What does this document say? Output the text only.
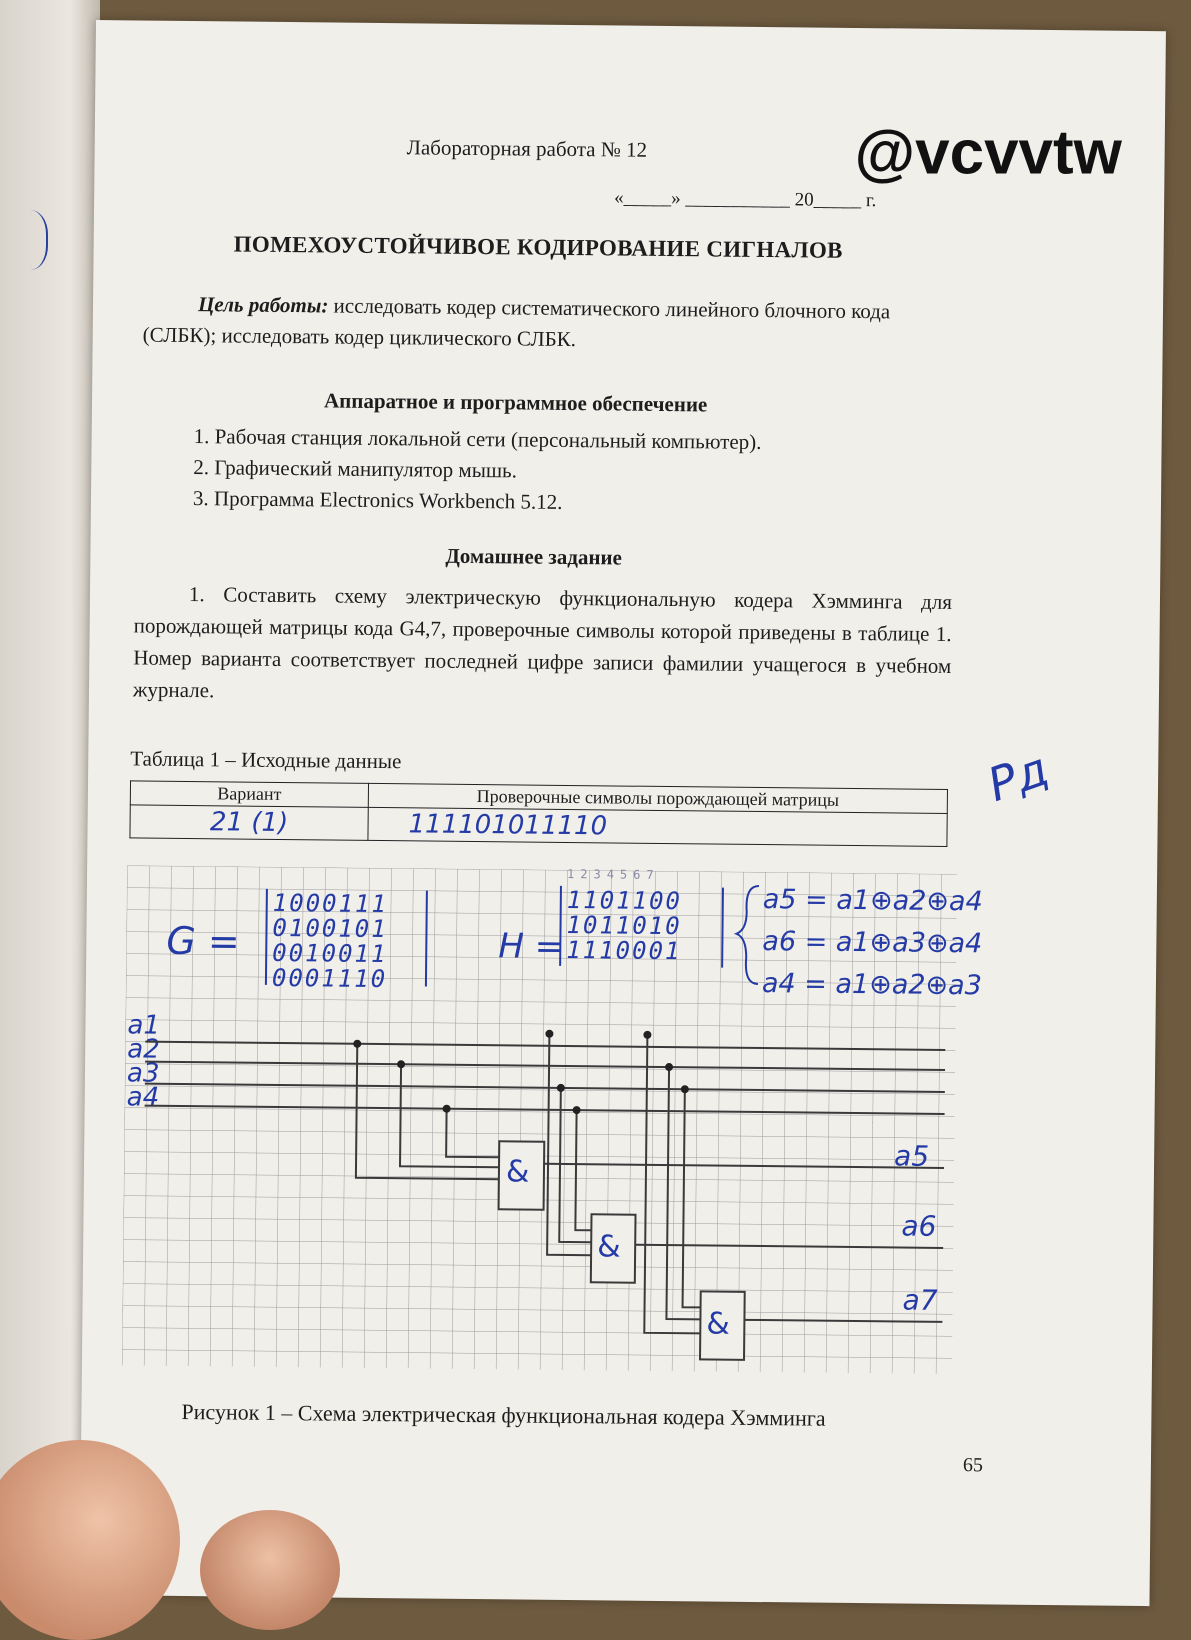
@vcvvtw
Лабораторная работа № 12
«_____» ___________ 20_____ г.
ПОМЕХОУСТОЙЧИВОЕ КОДИРОВАНИЕ СИГНАЛОВ
Цель работы: исследовать кодер систематического линейного блочного кода (СЛБК); исследовать кодер циклического СЛБК.
Аппаратное и программное обеспечение
1. Рабочая станция локальной сети (персональный компьютер).
2. Графический манипулятор мышь.
3. Программа Electronics Workbench 5.12.
Домашнее задание
1. Составить схему электрическую функциональную кодера Хэмминга для порождающей матрицы кода G4,7, проверочные символы которой приведены в таблице 1. Номер варианта соответствует последней цифре записи фамилии учащегося в учебном журнале.
Таблица 1 – Исходные данные
Вариант	Проверочные символы порождающей матрицы
21 (1)	111101011110
Рд
G =
1000111
0100101
0010011
0001110
H =
1234567
1101100
1011010
1110001
a5 = a1⊕a2⊕a4
a6 = a1⊕a3⊕a4
a4 = a1⊕a2⊕a3
a1
a2
a3
a4
&
&
&
a5
a6
a7
Рисунок 1 – Схема электрическая функциональная кодера Хэмминга
65
